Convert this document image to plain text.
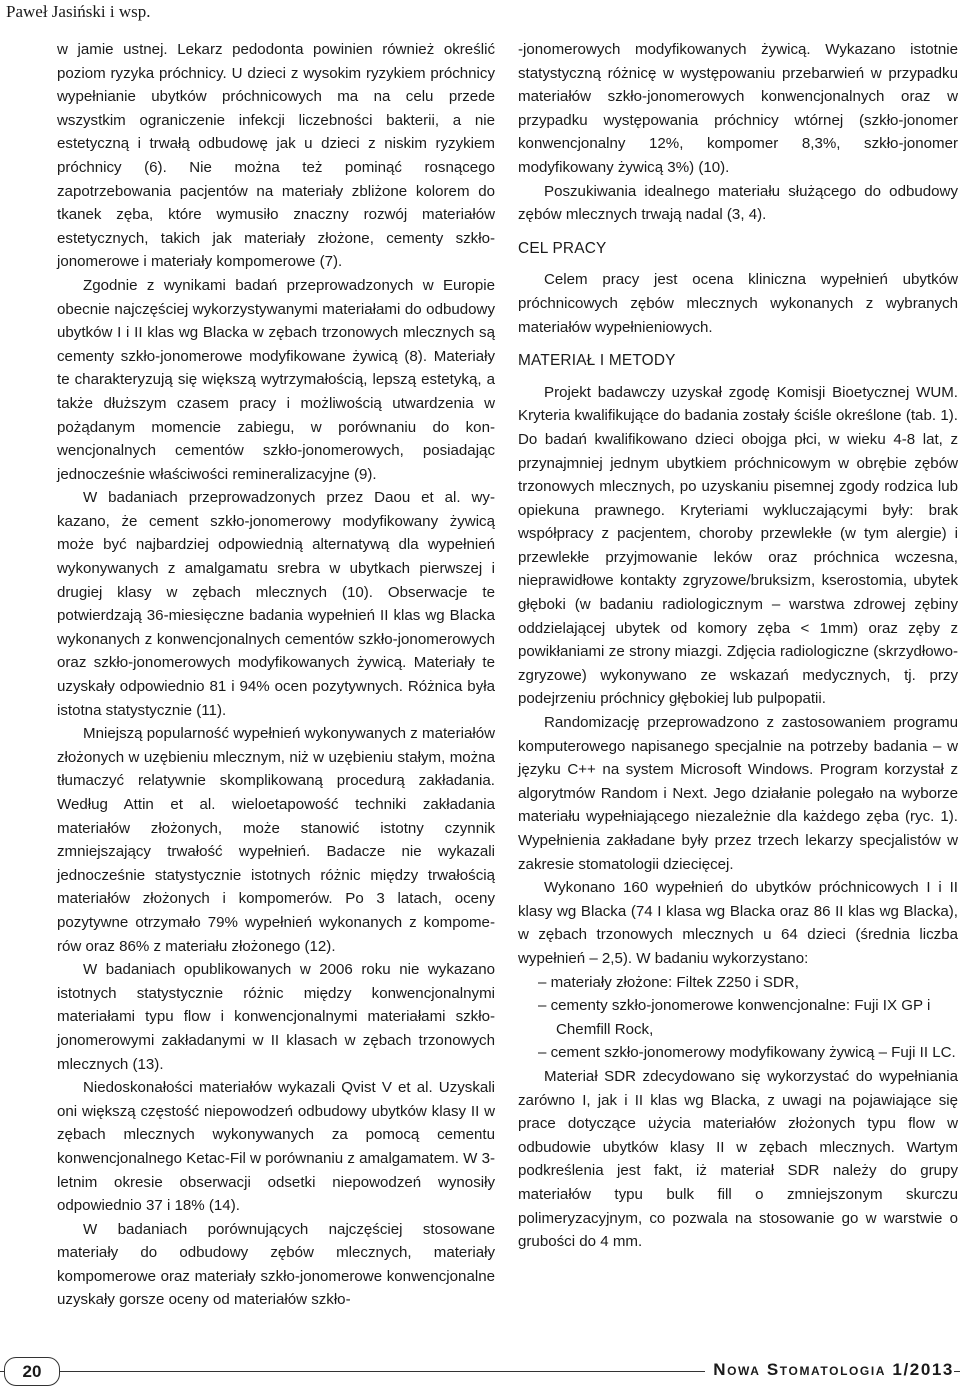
Paweł Jasiński i wsp.

w jamie ustnej. Lekarz pedodonta powinien również określić poziom ryzyka próchnicy. U dzieci z wysokim ryzykiem próchnicy wypełnianie ubytków próchnicowych ma na celu przede wszystkim ograniczenie infekcji liczebności bakterii, a nie estetyczną i trwałą odbudowę jak u dzieci z niskim ryzykiem próchnicy (6). Nie można też pominąć rosnącego zapotrzebowania pacjentów na materiały zbliżone kolorem do tkanek zęba, które wymusiło znaczny rozwój materiałów estetycznych, takich jak materiały złożone, cementy szkło-jonomerowe i materiały kompomerowe (7).

Zgodnie z wynikami badań przeprowadzonych w Europie obecnie najczęściej wykorzystywanymi materiałami do odbudowy ubytków I i II klas wg Blacka w zębach trzonowych mlecznych są cementy szkło-jonomerowe modyfikowane żywicą (8). Materiały te charakteryzują się większą wytrzymałością, lepszą estetyką, a także dłuższym czasem pracy i możliwością utwardzenia w pożądanym momencie zabiegu, w porównaniu do konwencjonalnych cementów szkło-jonomerowych, posiadając jednocześnie właściwości remineralizacyjne (9).

W badaniach przeprowadzonych przez Daou et al. wykazano, że cement szkło-jonomerowy modyfikowany żywicą może być najbardziej odpowiednią alternatywą dla wypełnień wykonywanych z amalgamatu srebra w ubytkach pierwszej i drugiej klasy w zębach mlecznych (10). Obserwacje te potwierdzają 36-miesięczne badania wypełnień II klas wg Blacka wykonanych z konwencjonalnych cementów szkło-jonomerowych oraz szkło-jonomerowych modyfikowanych żywicą. Materiały te uzyskały odpowiednio 81 i 94% ocen pozytywnych. Różnica była istotna statystycznie (11).

Mniejszą popularność wypełnień wykonywanych z materiałów złożonych w uzębieniu mlecznym, niż w uzębieniu stałym, można tłumaczyć relatywnie skomplikowaną procedurą zakładania. Według Attin et al. wieloetapowość techniki zakładania materiałów złożonych, może stanowić istotny czynnik zmniejszający trwałość wypełnień. Badacze nie wykazali jednocześnie statystycznie istotnych różnic między trwałością materiałów złożonych i kompomerów. Po 3 latach, oceny pozytywne otrzymało 79% wypełnień wykonanych z kompomerów oraz 86% z materiału złożonego (12).

W badaniach opublikowanych w 2006 roku nie wykazano istotnych statystycznie różnic między konwencjonalnymi materiałami typu flow i konwencjonalnymi materiałami szkło-jonomerowymi zakładanymi w II klasach w zębach trzonowych mlecznych (13).

Niedoskonałości materiałów wykazali Qvist V et al. Uzyskali oni większą częstość niepowodzeń odbudowy ubytków klasy II w zębach mlecznych wykonywanych za pomocą cementu konwencjonalnego Ketac-Fil w porównaniu z amalgamatem. W 3-letnim okresie obserwacji odsetki niepowodzeń wynosiły odpowiednio 37 i 18% (14).

W badaniach porównujących najczęściej stosowane materiały do odbudowy zębów mlecznych, materiały kompomerowe oraz materiały szkło-jonomerowe konwencjonalne uzyskały gorsze oceny od materiałów szkło-

-jonomerowych modyfikowanych żywicą. Wykazano istotnie statystyczną różnicę w występowaniu przebarwień w przypadku materiałów szkło-jonomerowych konwencjonalnych oraz w przypadku występowania próchnicy wtórnej (szkło-jonomer konwencjonalny 12%, kompomer 8,3%, szkło-jonomer modyfikowany żywicą 3%) (10).

Poszukiwania idealnego materiału służącego do odbudowy zębów mlecznych trwają nadal (3, 4).

CEL PRACY

Celem pracy jest ocena kliniczna wypełnień ubytków próchnicowych zębów mlecznych wykonanych z wybranych materiałów wypełnieniowych.

MATERIAŁ I METODY

Projekt badawczy uzyskał zgodę Komisji Bioetycznej WUM. Kryteria kwalifikujące do badania zostały ściśle określone (tab. 1). Do badań kwalifikowano dzieci obojga płci, w wieku 4-8 lat, z przynajmniej jednym ubytkiem próchnicowym w obrębie zębów trzonowych mlecznych, po uzyskaniu pisemnej zgody rodzica lub opiekuna prawnego. Kryteriami wykluczającymi były: brak współpracy z pacjentem, choroby przewlekłe (w tym alergie) i przewlekłe przyjmowanie leków oraz próchnica wczesna, nieprawidłowe kontakty zgryzowe/bruksizm, kserostomia, ubytek głęboki (w badaniu radiologicznym – warstwa zdrowej zębiny oddzielającej ubytek od komory zęba < 1mm) oraz zęby z powikłaniami ze strony miazgi. Zdjęcia radiologiczne (skrzydłowo-zgryzowe) wykonywano ze wskazań medycznych, tj. przy podejrzeniu próchnicy głębokiej lub pulpopatii.

Randomizację przeprowadzono z zastosowaniem programu komputerowego napisanego specjalnie na potrzeby badania – w języku C++ na system Microsoft Windows. Program korzystał z algorytmów Random i Next. Jego działanie polegało na wyborze materiału wypełniającego niezależnie dla każdego zęba (ryc. 1). Wypełnienia zakładane były przez trzech lekarzy specjalistów w zakresie stomatologii dziecięcej.

Wykonano 160 wypełnień do ubytków próchnicowych I i II klasy wg Blacka (74 I klasa wg Blacka oraz 86 II klas wg Blacka), w zębach trzonowych mlecznych u 64 dzieci (średnia liczba wypełnień – 2,5). W badaniu wykorzystano:

– materiały złożone: Filtek Z250 i SDR,
– cementy szkło-jonomerowe konwencjonalne: Fuji IX GP i Chemfill Rock,
– cement szkło-jonomerowy modyfikowany żywicą – Fuji II LC.

Materiał SDR zdecydowano się wykorzystać do wypełniania zarówno I, jak i II klas wg Blacka, z uwagi na pojawiające się prace dotyczące użycia materiałów złożonych typu flow w odbudowie ubytków klasy II w zębach mlecznych. Wartym podkreślenia jest fakt, iż materiał SDR należy do grupy materiałów typu bulk fill o zmniejszonym skurczu polimeryzacyjnym, co pozwala na stosowanie go w warstwie o grubości do 4 mm.

20	Nowa Stomatologia 1/2013
